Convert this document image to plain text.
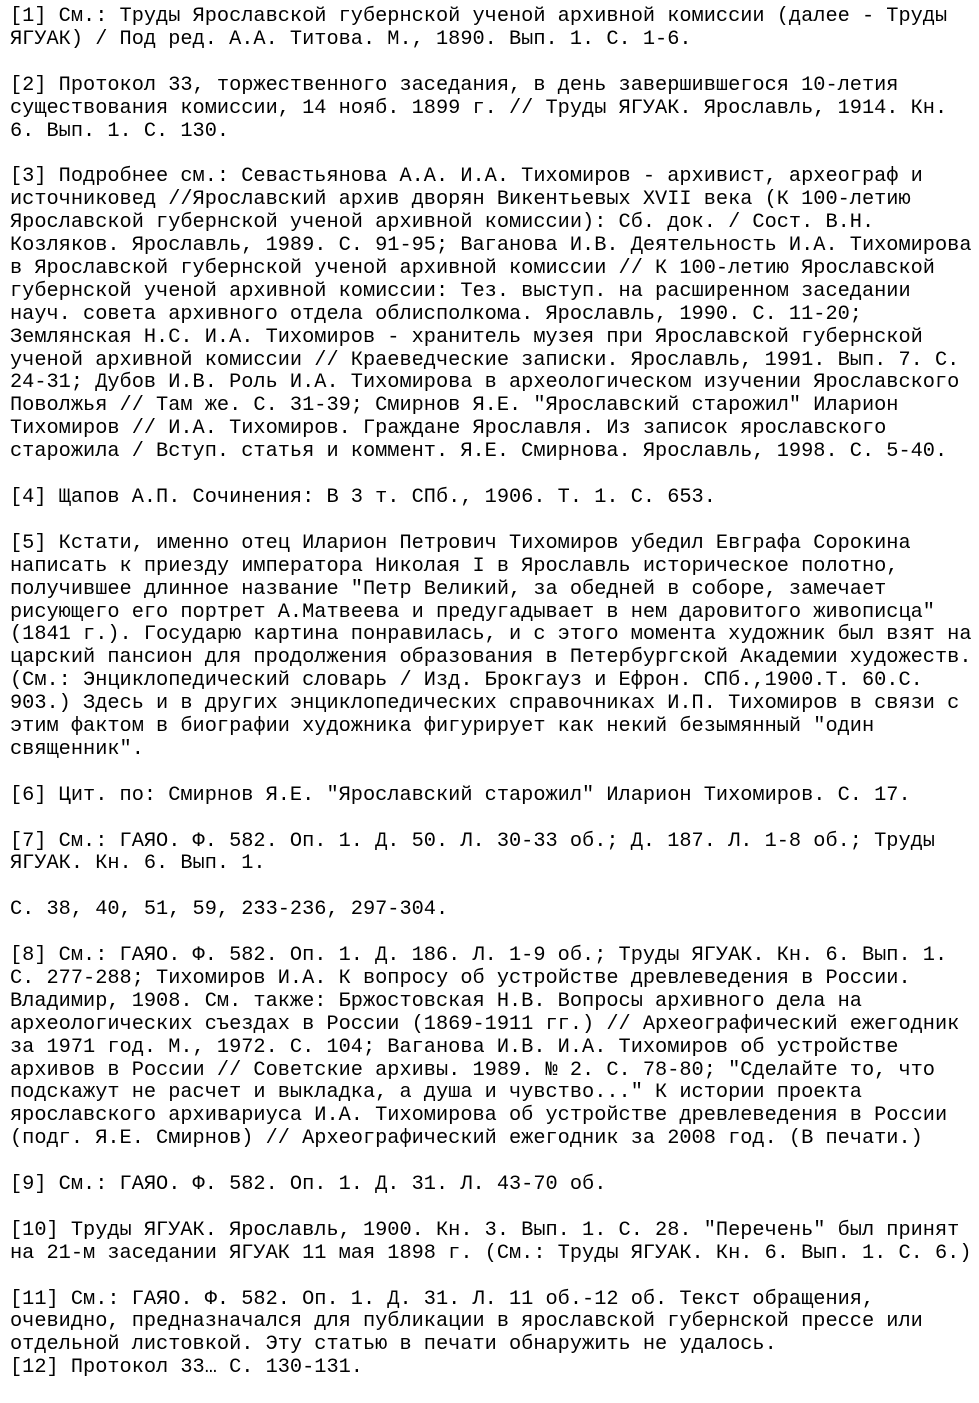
[1] См.: Труды Ярославской губернской ученой архивной комиссии (далее - Труды
ЯГУАК) / Под ред. А.А. Титова. М., 1890. Вып. 1. С. 1-6.
[2] Протокол 33, торжественного заседания, в день завершившегося 10-летия
существования комиссии, 14 нояб. 1899 г. // Труды ЯГУАК. Ярославль, 1914. Кн.
6. Вып. 1. С. 130.
[3] Подробнее см.: Севастьянова А.А. И.А. Тихомиров - архивист, археограф и
источниковед //Ярославский архив дворян Викентьевых XVII века (К 100-летию
Ярославской губернской ученой архивной комиссии): Сб. док. / Сост. В.Н.
Козляков. Ярославль, 1989. С. 91-95; Ваганова И.В. Деятельность И.А. Тихомирова
в Ярославской губернской ученой архивной комиссии // К 100-летию Ярославской
губернской ученой архивной комиссии: Тез. выступ. на расширенном заседании
науч. совета архивного отдела облисполкома. Ярославль, 1990. С. 11-20;
Землянская Н.С. И.А. Тихомиров - хранитель музея при Ярославской губернской
ученой архивной комиссии // Краеведческие записки. Ярославль, 1991. Вып. 7. С.
24-31; Дубов И.В. Роль И.А. Тихомирова в археологическом изучении Ярославского
Поволжья // Там же. С. 31-39; Смирнов Я.Е. "Ярославский старожил" Иларион
Тихомиров // И.А. Тихомиров. Граждане Ярославля. Из записок ярославского
старожила / Вступ. статья и коммент. Я.Е. Смирнова. Ярославль, 1998. С. 5-40.
[4] Щапов А.П. Сочинения: В 3 т. СПб., 1906. Т. 1. С. 653.
[5] Кстати, именно отец Иларион Петрович Тихомиров убедил Евграфа Сорокина
написать к приезду императора Николая I в Ярославль историческое полотно,
получившее длинное название "Петр Великий, за обедней в соборе, замечает
рисующего его портрет А.Матвеева и предугадывает в нем даровитого живописца"
(1841 г.). Государю картина понравилась, и с этого момента художник был взят на
царский пансион для продолжения образования в Петербургской Академии художеств.
(См.: Энциклопедический словарь / Изд. Брокгауз и Ефрон. СПб.,1900.Т. 60.С.
903.) Здесь и в других энциклопедических справочниках И.П. Тихомиров в связи с
этим фактом в биографии художника фигурирует как некий безымянный "один
священник".
[6] Цит. по: Смирнов Я.Е. "Ярославский старожил" Иларион Тихомиров. С. 17.
[7] См.: ГАЯО. Ф. 582. Оп. 1. Д. 50. Л. 30-33 об.; Д. 187. Л. 1-8 об.; Труды
ЯГУАК. Кн. 6. Вып. 1.
С. 38, 40, 51, 59, 233-236, 297-304.
[8] См.: ГАЯО. Ф. 582. Оп. 1. Д. 186. Л. 1-9 об.; Труды ЯГУАК. Кн. 6. Вып. 1.
С. 277-288; Тихомиров И.А. К вопросу об устройстве древлеведения в России.
Владимир, 1908. См. также: Бржостовская Н.В. Вопросы архивного дела на
археологических съездах в России (1869-1911 гг.) // Археографический ежегодник
за 1971 год. М., 1972. С. 104; Ваганова И.В. И.А. Тихомиров об устройстве
архивов в России // Советские архивы. 1989. № 2. С. 78-80; "Сделайте то, что
подскажут не расчет и выкладка, а душа и чувство..." К истории проекта
ярославского архивариуса И.А. Тихомирова об устройстве древлеведения в России
(подг. Я.Е. Смирнов) // Археографический ежегодник за 2008 год. (В печати.)
[9] См.: ГАЯО. Ф. 582. Оп. 1. Д. 31. Л. 43-70 об.
[10] Труды ЯГУАК. Ярославль, 1900. Кн. 3. Вып. 1. С. 28. "Перечень" был принят
на 21-м заседании ЯГУАК 11 мая 1898 г. (См.: Труды ЯГУАК. Кн. 6. Вып. 1. С. 6.)
[11] См.: ГАЯО. Ф. 582. Оп. 1. Д. 31. Л. 11 об.-12 об. Текст обращения,
очевидно, предназначался для публикации в ярославской губернской прессе или
отдельной листовкой. Эту статью в печати обнаружить не удалось.
[12] Протокол 33… С. 130-131.
